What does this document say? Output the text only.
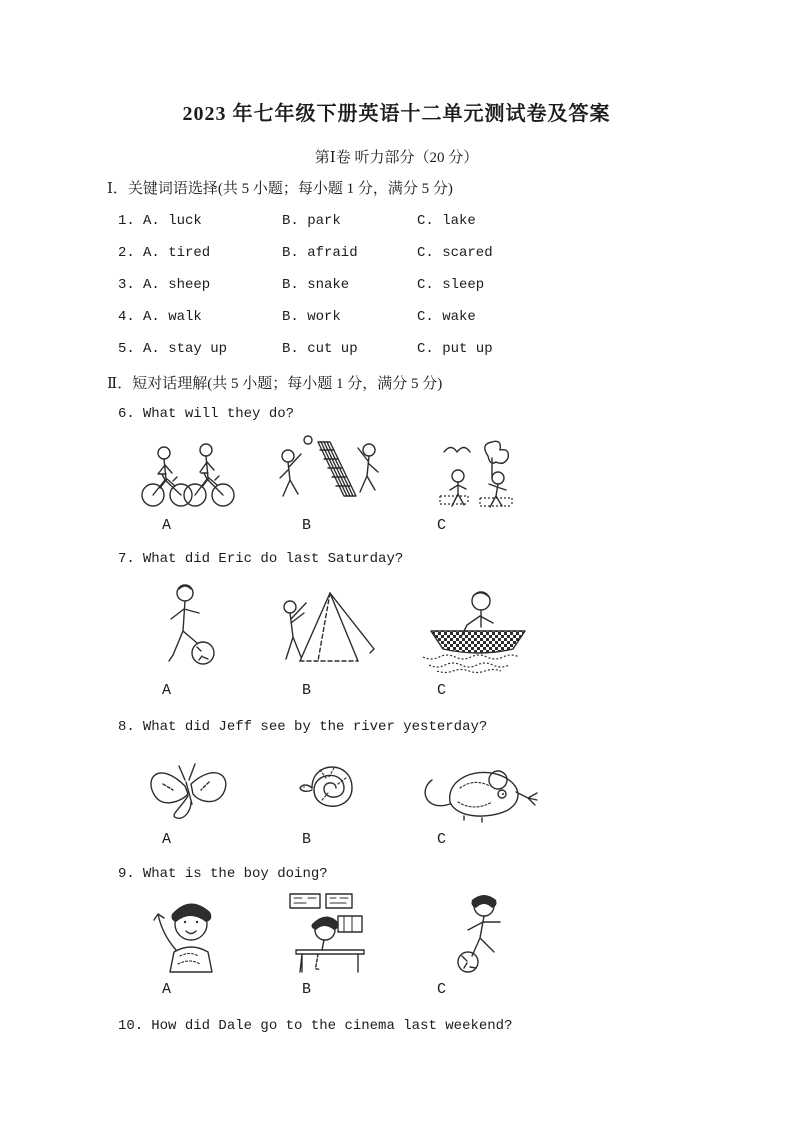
2023 年七年级下册英语十二单元测试卷及答案
第Ⅰ卷 听力部分（20 分）
Ⅰ．关键词语选择(共 5 小题；每小题 1 分，满分 5 分)
1. A. luck	B. park	C. lake
2. A. tired	B. afraid	C. scared
3. A. sheep	B. snake	C. sleep
4. A. walk	B. work	C. wake
5. A. stay up	B. cut up	C. put up
Ⅱ．短对话理解(共 5 小题；每小题 1 分，满分 5 分)
6. What will they do?
A	B	C
7. What did Eric do last Saturday?
A	B	C
8. What did Jeff see by the river yesterday?
A	B	C
9. What is the boy doing?
A	B	C
10. How did Dale go to the cinema last weekend?
